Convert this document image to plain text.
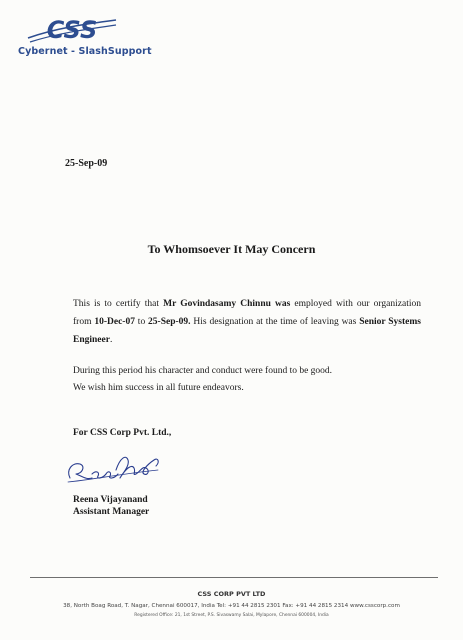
CSS
Cybernet - SlashSupport
25-Sep-09
To Whomsoever It May Concern
This is to certify that Mr Govindasamy Chinnu was employed with our organization from 10-Dec-07 to 25-Sep-09. His designation at the time of leaving was Senior Systems Engineer.
During this period his character and conduct were found to be good.
We wish him success in all future endeavors.
For CSS Corp Pvt. Ltd.,
Reena Vijayanand
Assistant Manager
CSS CORP PVT LTD
38, North Boag Road, T. Nagar, Chennai 600017, India Tel: +91 44 2815 2301 Fax: +91 44 2815 2314 www.csscorp.com
Registered Office: 21, 1st Street, P.S. Sivaswamy Salai, Mylapore, Chennai 600004, India
